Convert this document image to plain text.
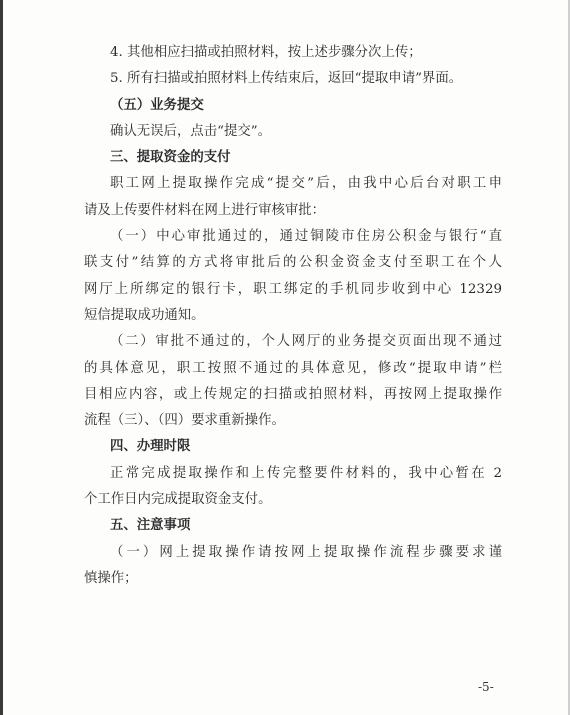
4. 其他相应扫描或拍照材料，按上述步骤分次上传；
5. 所有扫描或拍照材料上传结束后，返回“提取申请”界面。
（五）业务提交
确认无误后，点击“提交”。
三、提取资金的支付
职工网上提取操作完成“提交”后，由我中心后台对职工申
请及上传要件材料在网上进行审核审批：
（一）中心审批通过的，通过铜陵市住房公积金与银行“直
联支付”结算的方式将审批后的公积金资金支付至职工在个人
网厅上所绑定的银行卡，职工绑定的手机同步收到中心 12329
短信提取成功通知。
（二）审批不通过的，个人网厅的业务提交页面出现不通过
的具体意见，职工按照不通过的具体意见，修改“提取申请”栏
目相应内容，或上传规定的扫描或拍照材料，再按网上提取操作
流程（三）、（四）要求重新操作。
四、办理时限
正常完成提取操作和上传完整要件材料的，我中心暂在 2
个工作日内完成提取资金支付。
五、注意事项
（一）网上提取操作请按网上提取操作流程步骤要求谨
慎操作；
-5-
